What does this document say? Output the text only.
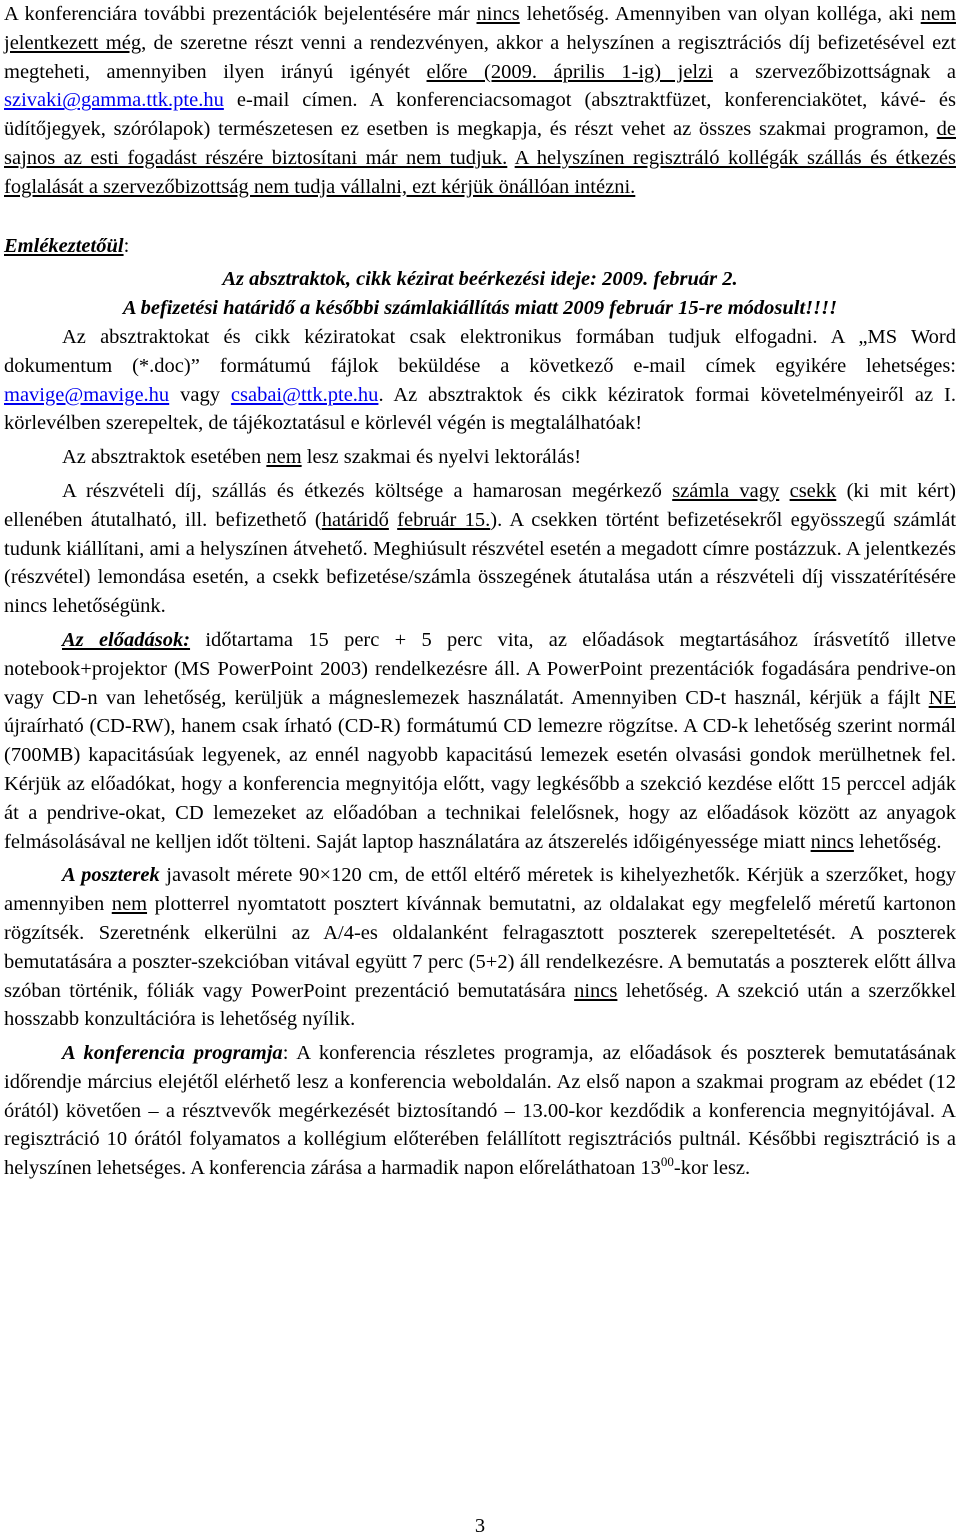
A konferenciára további prezentációk bejelentésére már nincs lehetőség. Amennyiben van olyan kolléga, aki nem jelentkezett még, de szeretne részt venni a rendezvényen, akkor a helyszínen a regisztrációs díj befizetésével ezt megteheti, amennyiben ilyen irányú igényét előre (2009. április 1-ig) jelzi a szervezőbizottságnak a szivaki@gamma.ttk.pte.hu e-mail címen. A konferenciacsomagot (absztraktfüzet, konferenciakötet, kávé- és üdítőjegyek, szórólapok) természetesen ez esetben is megkapja, és részt vehet az összes szakmai programon, de sajnos az esti fogadást részére biztosítani már nem tudjuk. A helyszínen regisztráló kollégák szállás és étkezés foglalását a szervezőbizottság nem tudja vállalni, ezt kérjük önállóan intézni.

Emlékeztetőül:

Az absztraktok, cikk kézirat beérkezési ideje: 2009. február 2.

A befizetési határidő a későbbi számlakiállítás miatt 2009 február 15-re módosult!!!!

Az absztraktokat és cikk kéziratokat csak elektronikus formában tudjuk elfogadni. A „MS Word dokumentum (*.doc)” formátumú fájlok beküldése a következő e-mail címek egyikére lehetséges: mavige@mavige.hu vagy csabai@ttk.pte.hu. Az absztraktok és cikk kéziratok formai követelményeiről az I. körlevélben szerepeltek, de tájékoztatásul e körlevél végén is megtalálhatóak!

Az absztraktok esetében nem lesz szakmai és nyelvi lektorálás!

A részvételi díj, szállás és étkezés költsége a hamarosan megérkező számla vagy csekk (ki mit kért) ellenében átutalható, ill. befizethető (határidő február 15.). A csekken történt befizetésekről egyösszegű számlát tudunk kiállítani, ami a helyszínen átvehető. Meghiúsult részvétel esetén a megadott címre postázzuk. A jelentkezés (részvétel) lemondása esetén, a csekk befizetése/számla összegének átutalása után a részvételi díj visszatérítésére nincs lehetőségünk.

Az előadások: időtartama 15 perc + 5 perc vita, az előadások megtartásához írásvetítő illetve notebook+projektor (MS PowerPoint 2003) rendelkezésre áll. A PowerPoint prezentációk fogadására pendrive-on vagy CD-n van lehetőség, kerüljük a mágneslemezek használatát. Amennyiben CD-t használ, kérjük a fájlt NE újraírható (CD-RW), hanem csak írható (CD-R) formátumú CD lemezre rögzítse. A CD-k lehetőség szerint normál (700MB) kapacitásúak legyenek, az ennél nagyobb kapacitású lemezek esetén olvasási gondok merülhetnek fel. Kérjük az előadókat, hogy a konferencia megnyitója előtt, vagy legkésőbb a szekció kezdése előtt 15 perccel adják át a pendrive-okat, CD lemezeket az előadóban a technikai felelősnek, hogy az előadások között az anyagok felmásolásával ne kelljen időt tölteni. Saját laptop használatára az átszerelés időigényessége miatt nincs lehetőség.

A poszterek javasolt mérete 90×120 cm, de ettől eltérő méretek is kihelyezhetők. Kérjük a szerzőket, hogy amennyiben nem plotterrel nyomtatott posztert kívánnak bemutatni, az oldalakat egy megfelelő méretű kartonon rögzítsék. Szeretnénk elkerülni az A/4-es oldalanként felragasztott poszterek szerepeltetését. A poszterek bemutatására a poszter-szekcióban vitával együtt 7 perc (5+2) áll rendelkezésre. A bemutatás a poszterek előtt állva szóban történik, fóliák vagy PowerPoint prezentáció bemutatására nincs lehetőség. A szekció után a szerzőkkel hosszabb konzultációra is lehetőség nyílik.

A konferencia programja: A konferencia részletes programja, az előadások és poszterek bemutatásának időrendje március elejétől elérhető lesz a konferencia weboldalán. Az első napon a szakmai program az ebédet (12 órától) követően – a résztvevők megérkezését biztosítandó – 13.00-kor kezdődik a konferencia megnyitójával. A regisztráció 10 órától folyamatos a kollégium előterében felállított regisztrációs pultnál. Későbbi regisztráció is a helyszínen lehetséges. A konferencia zárása a harmadik napon előreláthatoan $13^{00}$-kor lesz.

3
